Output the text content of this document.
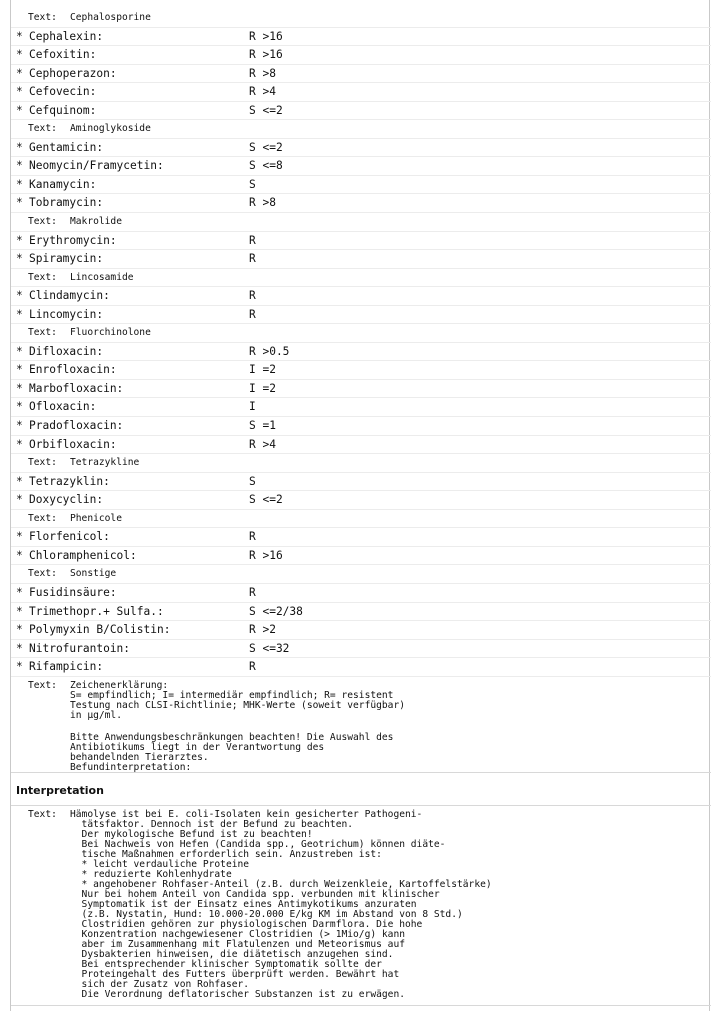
Text: Cephalosporine
* Cephalexin:	R >16
* Cefoxitin:	R >16
* Cephoperazon:	R >8
* Cefovecin:	R >4
* Cefquinom:	S <=2
Text: Aminoglykoside
* Gentamicin:	S <=2
* Neomycin/Framycetin:	S <=8
* Kanamycin:	S
* Tobramycin:	R >8
Text: Makrolide
* Erythromycin:	R
* Spiramycin:	R
Text: Lincosamide
* Clindamycin:	R
* Lincomycin:	R
Text: Fluorchinolone
* Difloxacin:	R >0.5
* Enrofloxacin:	I =2
* Marbofloxacin:	I =2
* Ofloxacin:	I
* Pradofloxacin:	S =1
* Orbifloxacin:	R >4
Text: Tetrazykline
* Tetrazyklin:	S
* Doxycyclin:	S <=2
Text: Phenicole
* Florfenicol:	R
* Chloramphenicol:	R >16
Text: Sonstige
* Fusidinsäure:	R
* Trimethopr.+ Sulfa.:	S <=2/38
* Polymyxin B/Colistin:	R >2
* Nitrofurantoin:	S <=32
* Rifampicin:	R
Text: Zeichenerklärung:
S= empfindlich; I= intermediär empfindlich; R= resistent
Testung nach CLSI-Richtlinie; MHK-Werte (soweit verfügbar)
in µg/ml.
Bitte Anwendungsbeschränkungen beachten! Die Auswahl des
Antibiotikums liegt in der Verantwortung des
behandelnden Tierarztes.
Befundinterpretation:
Interpretation
Text: Hämolyse ist bei E. coli-Isolaten kein gesicherter Pathogeni-
tätsfaktor. Dennoch ist der Befund zu beachten.
Der mykologische Befund ist zu beachten!
Bei Nachweis von Hefen (Candida spp., Geotrichum) können diäte-
tische Maßnahmen erforderlich sein. Anzustreben ist:
* leicht verdauliche Proteine
* reduzierte Kohlenhydrate
* angehobener Rohfaser-Anteil (z.B. durch Weizenkleie, Kartoffelstärke)
Nur bei hohem Anteil von Candida spp. verbunden mit klinischer
Symptomatik ist der Einsatz eines Antimykotikums anzuraten
(z.B. Nystatin, Hund: 10.000-20.000 E/kg KM im Abstand von 8 Std.)
Clostridien gehören zur physiologischen Darmflora. Die hohe
Konzentration nachgewiesener Clostridien (> 1Mio/g) kann
aber im Zusammenhang mit Flatulenzen und Meteorismus auf
Dysbakterien hinweisen, die diätetisch anzugehen sind.
Bei entsprechender klinischer Symptomatik sollte der
Proteingehalt des Futters überprüft werden. Bewährt hat
sich der Zusatz von Rohfaser.
Die Verordnung deflatorischer Substanzen ist zu erwägen.
